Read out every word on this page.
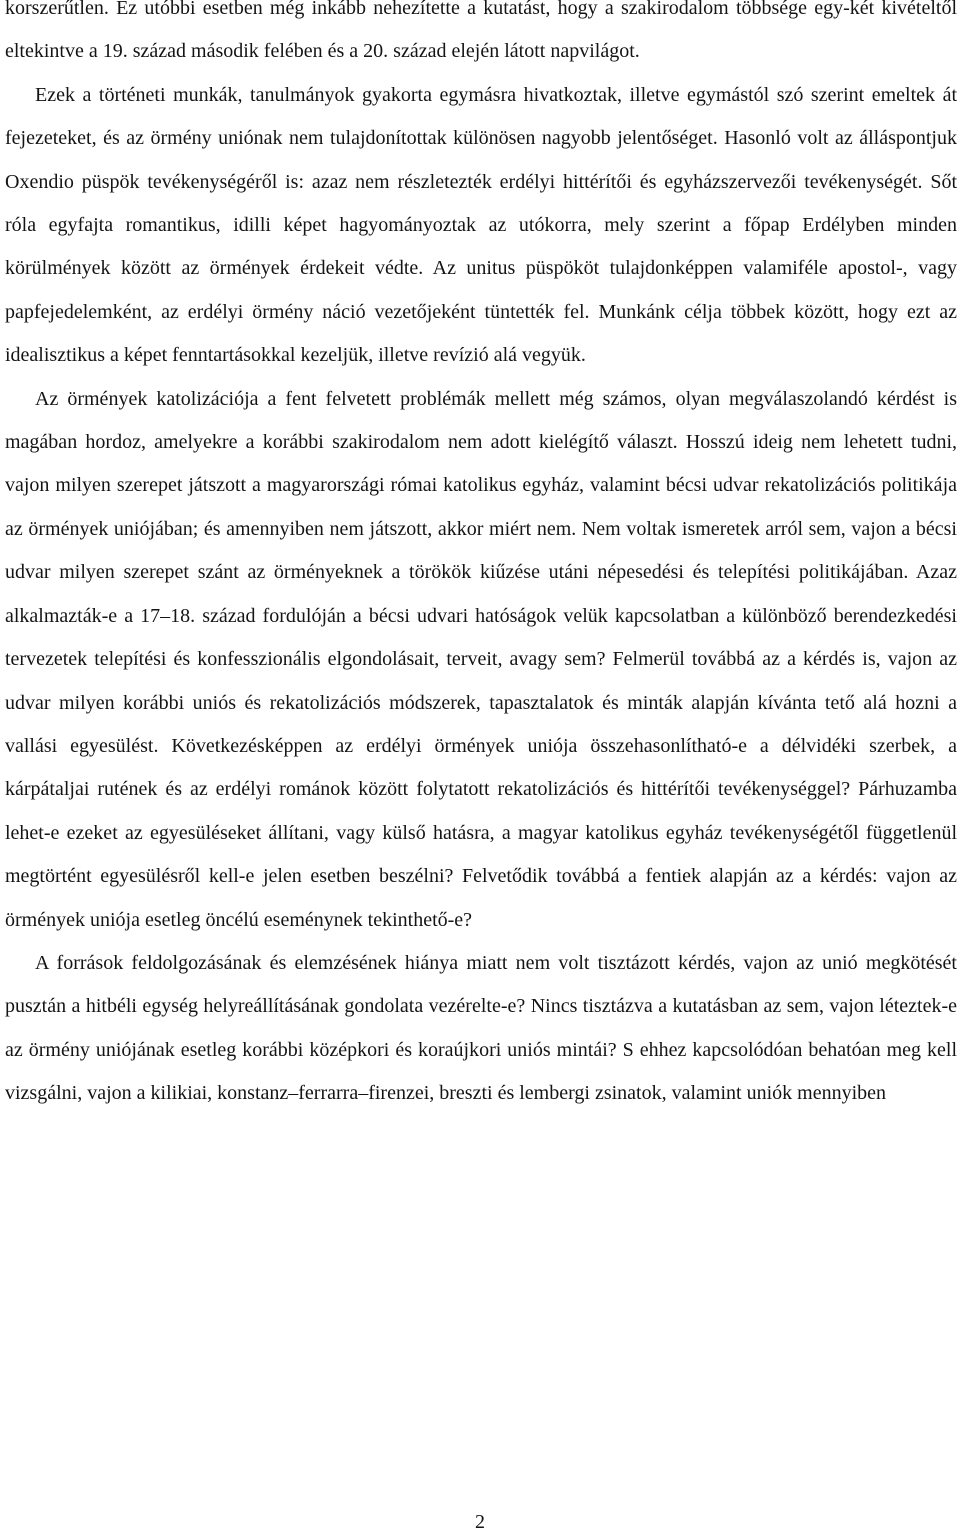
korszerűtlen. Ez utóbbi esetben még inkább nehezítette a kutatást, hogy a szakirodalom többsége egy-két kivételtől eltekintve a 19. század második felében és a 20. század elején látott napvilágot.

Ezek a történeti munkák, tanulmányok gyakorta egymásra hivatkoztak, illetve egymástól szó szerint emeltek át fejezeteket, és az örmény uniónak nem tulajdonítottak különösen nagyobb jelentőséget. Hasonló volt az álláspontjuk Oxendio püspök tevékenységéről is: azaz nem részletezték erdélyi hittérítői és egyházszervezői tevékenységét. Sőt róla egyfajta romantikus, idilli képet hagyományoztak az utókorra, mely szerint a főpap Erdélyben minden körülmények között az örmények érdekeit védte. Az unitus püspököt tulajdonképpen valamiféle apostol-, vagy papfejedelemként, az erdélyi örmény náció vezetőjeként tüntették fel. Munkánk célja többek között, hogy ezt az idealisztikus a képet fenntartásokkal kezeljük, illetve revízió alá vegyük.

Az örmények katolizációja a fent felvetett problémák mellett még számos, olyan megválaszolandó kérdést is magában hordoz, amelyekre a korábbi szakirodalom nem adott kielégítő választ. Hosszú ideig nem lehetett tudni, vajon milyen szerepet játszott a magyarországi római katolikus egyház, valamint bécsi udvar rekatolizációs politikája az örmények uniójában; és amennyiben nem játszott, akkor miért nem. Nem voltak ismeretek arról sem, vajon a bécsi udvar milyen szerepet szánt az örményeknek a törökök kiűzése utáni népesedési és telepítési politikájában. Azaz alkalmazták-e a 17–18. század fordulóján a bécsi udvari hatóságok velük kapcsolatban a különböző berendezkedési tervezetek telepítési és konfesszionális elgondolásait, terveit, avagy sem? Felmerül továbbá az a kérdés is, vajon az udvar milyen korábbi uniós és rekatolizációs módszerek, tapasztalatok és minták alapján kívánta tető alá hozni a vallási egyesülést. Következésképpen az erdélyi örmények uniója összehasonlítható-e a délvidéki szerbek, a kárpátaljai rutének és az erdélyi románok között folytatott rekatolizációs és hittérítői tevékenységgel? Párhuzamba lehet-e ezeket az egyesüléseket állítani, vagy külső hatásra, a magyar katolikus egyház tevékenységétől függetlenül megtörtént egyesülésről kell-e jelen esetben beszélni? Felvetődik továbbá a fentiek alapján az a kérdés: vajon az örmények uniója esetleg öncélú eseménynek tekinthető-e?

A források feldolgozásának és elemzésének hiánya miatt nem volt tisztázott kérdés, vajon az unió megkötését pusztán a hitbéli egység helyreállításának gondolata vezérelte-e? Nincs tisztázva a kutatásban az sem, vajon léteztek-e az örmény uniójának esetleg korábbi középkori és koraújkori uniós mintái? S ehhez kapcsolódóan behatóan meg kell vizsgálni, vajon a kilikiai, konstanz–ferrarra–firenzei, breszti és lembergi zsinatok, valamint uniók mennyiben

2
